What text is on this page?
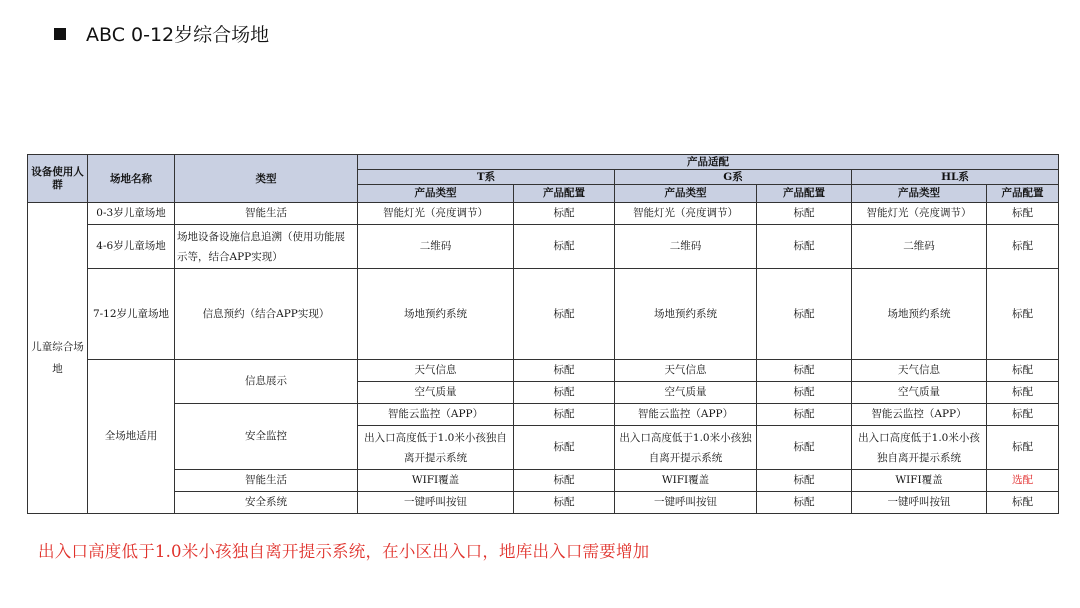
ABC 0-12岁综合场地
设备使用人群	场地名称	类型	产品适配					
			T系		G系		HL系	
			产品类型	产品配置	产品类型	产品配置	产品类型	产品配置

儿童综合场地	0-3岁儿童场地	智能生活	智能灯光（亮度调节）	标配	智能灯光（亮度调节）	标配	智能灯光（亮度调节）	标配
	4-6岁儿童场地	场地设备设施信息追溯（使用功能展示等，结合APP实现）	二维码	标配	二维码	标配	二维码	标配

	7-12岁儿童场地	信息预约（结合APP实现）	场地预约系统	标配	场地预约系统	标配	场地预约系统	标配
	全场地适用	信息展示	天气信息	标配	天气信息	标配	天气信息	标配
			空气质量	标配	空气质量	标配	空气质量	标配
		安全监控	智能云监控（APP）	标配	智能云监控（APP）	标配	智能云监控（APP）	标配

			出入口高度低于1.0米小孩独自离开提示系统	标配	出入口高度低于1.0米小孩独自离开提示系统	标配	出入口高度低于1.0米小孩独自离开提示系统	标配
		智能生活	WIFI覆盖	标配	WIFI覆盖	标配	WIFI覆盖	选配
		安全系统	一键呼叫按钮	标配	一键呼叫按钮	标配	一键呼叫按钮	标配
出入口高度低于1.0米小孩独自离开提示系统，在小区出入口，地库出入口需要增加
